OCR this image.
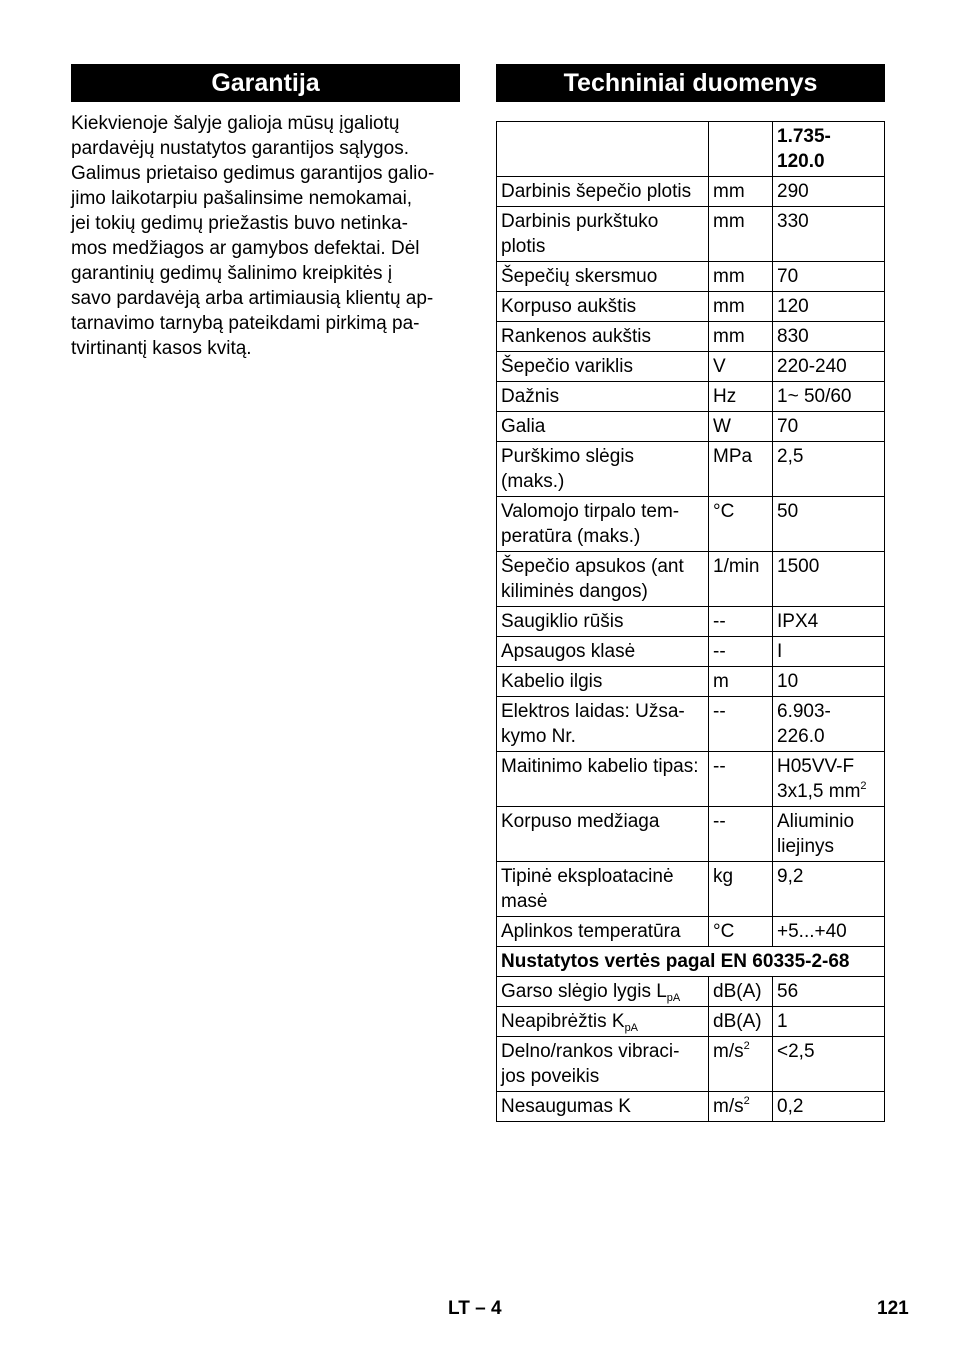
Garantija	Techniniai duomenys

Kiekvienoje šalyje galioja mūsų įgaliotų
pardavėjų nustatytos garantijos sąlygos.
Galimus prietaiso gedimus garantijos galio-
jimo laikotarpiu pašalinsime nemokamai,
jei tokių gedimų priežastis buvo netinka-
mos medžiagos ar gamybos defektai. Dėl
garantinių gedimų šalinimo kreipkitės į
savo pardavėją arba artimiausią klientų ap-
tarnavimo tarnybą pateikdami pirkimą pa-
tvirtinantį kasos kvitą.

		1.735-
120.0

Darbinis šepečio plotis	mm	290

Darbinis purkštuko
plotis	mm	330
Šepečių skersmuo	mm	70
Korpuso aukštis	mm	120
Rankenos aukštis	mm	830
Šepečio variklis	V	220-240
Dažnis	Hz	1~ 50/60
Galia	W	70

Purškimo slėgis
(maks.)	MPa	2,5

Valomojo tirpalo tem-
peratūra (maks.)	°C	50

Šepečio apsukos (ant
kiliminės dangos)	1/min	1500
Saugiklio rūšis	--	IPX4
Apsaugos klasė	--	I
Kabelio ilgis	m	10

Elektros laidas: Užsa-
kymo Nr.	--	6.903-
226.0

Maitinimo kabelio tipas:	--	H05VV-F
3x1,5 $mm^2$

Korpuso medžiaga	--	Aliuminio
liejinys

Tipinė eksploatacinė
masė	kg	9,2
Aplinkos temperatūra	°C	+5...+40
Nustatytos vertės pagal EN 60335-2-68		
Garso slėgio lygis $L_{pA}$	dB(A)	56
Neapibrėžtis $K_{pA}$	dB(A)	1

Delno/rankos vibraci-
jos poveikis	$m/s^2$	<2,5
Nesaugumas K	$m/s^2$	0,2
LT – 4	121
